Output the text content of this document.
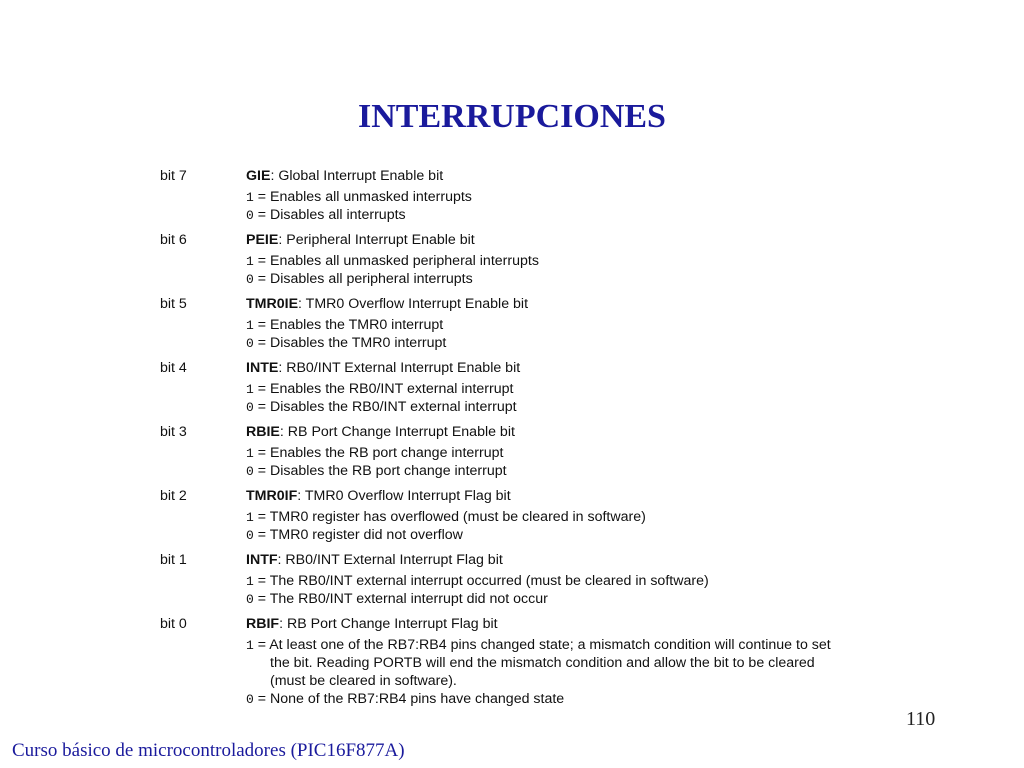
INTERRUPCIONES
bit 7	GIE: Global Interrupt Enable bit
1 = Enables all unmasked interrupts
0 = Disables all interrupts
bit 6	PEIE: Peripheral Interrupt Enable bit
1 = Enables all unmasked peripheral interrupts
0 = Disables all peripheral interrupts
bit 5	TMR0IE: TMR0 Overflow Interrupt Enable bit
1 = Enables the TMR0 interrupt
0 = Disables the TMR0 interrupt
bit 4	INTE: RB0/INT External Interrupt Enable bit
1 = Enables the RB0/INT external interrupt
0 = Disables the RB0/INT external interrupt
bit 3	RBIE: RB Port Change Interrupt Enable bit
1 = Enables the RB port change interrupt
0 = Disables the RB port change interrupt
bit 2	TMR0IF: TMR0 Overflow Interrupt Flag bit
1 = TMR0 register has overflowed (must be cleared in software)
0 = TMR0 register did not overflow
bit 1	INTF: RB0/INT External Interrupt Flag bit
1 = The RB0/INT external interrupt occurred (must be cleared in software)
0 = The RB0/INT external interrupt did not occur
bit 0	RBIF: RB Port Change Interrupt Flag bit
1 = At least one of the RB7:RB4 pins changed state; a mismatch condition will continue to set
the bit. Reading PORTB will end the mismatch condition and allow the bit to be cleared
(must be cleared in software).
0 = None of the RB7:RB4 pins have changed state
110
Curso básico de microcontroladores (PIC16F877A)
